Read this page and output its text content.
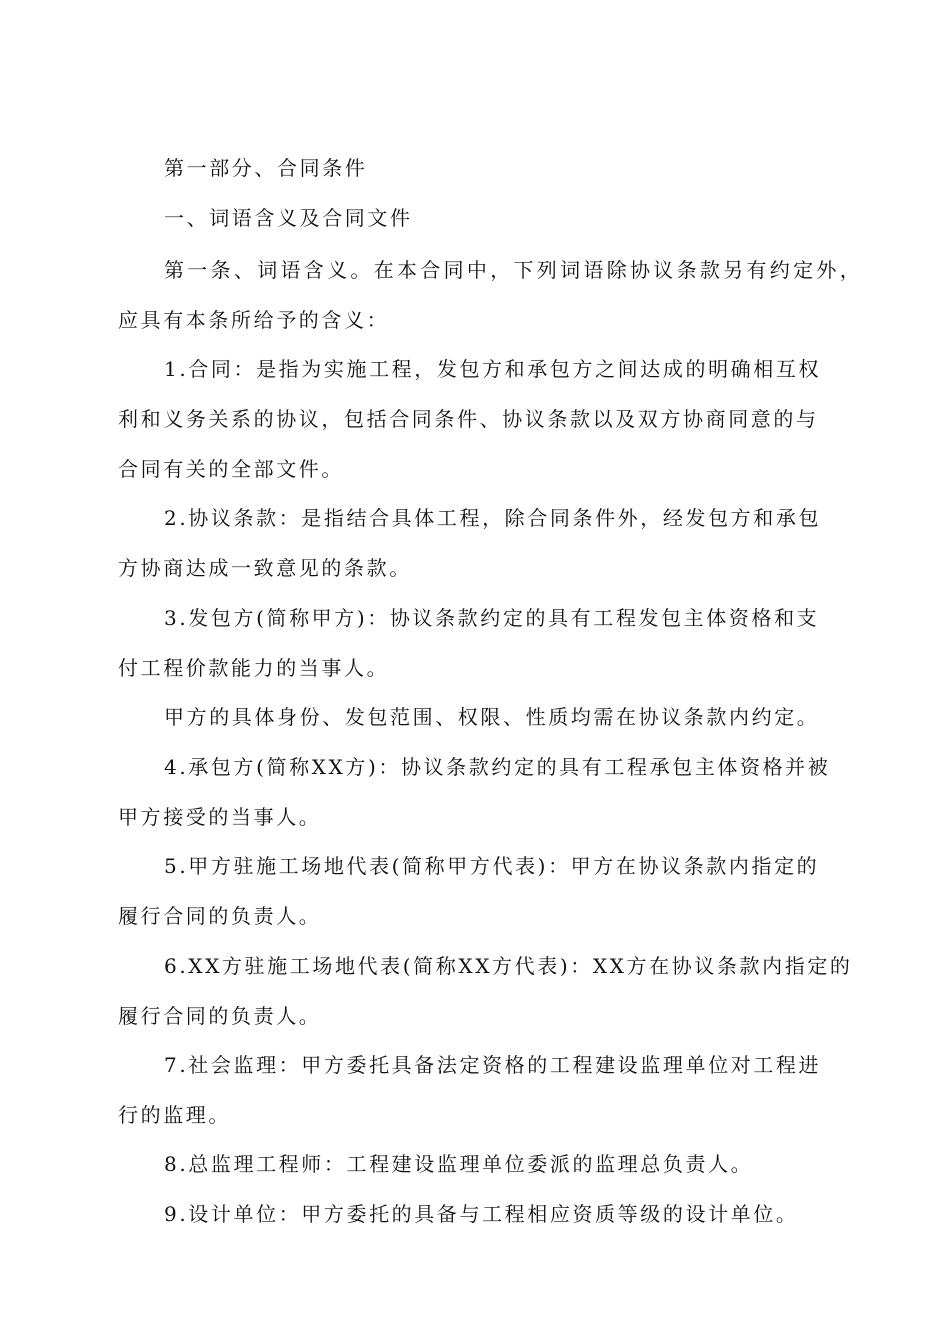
第一部分、合同条件
一、词语含义及合同文件
第一条、词语含义。在本合同中，下列词语除协议条款另有约定外，
应具有本条所给予的含义：
1.合同：是指为实施工程，发包方和承包方之间达成的明确相互权
利和义务关系的协议，包括合同条件、协议条款以及双方协商同意的与
合同有关的全部文件。
2.协议条款：是指结合具体工程，除合同条件外，经发包方和承包
方协商达成一致意见的条款。
3.发包方(简称甲方)：协议条款约定的具有工程发包主体资格和支
付工程价款能力的当事人。
甲方的具体身份、发包范围、权限、性质均需在协议条款内约定。
4.承包方(简称XX方)：协议条款约定的具有工程承包主体资格并被
甲方接受的当事人。
5.甲方驻施工场地代表(简称甲方代表)：甲方在协议条款内指定的
履行合同的负责人。
6.XX方驻施工场地代表(简称XX方代表)：XX方在协议条款内指定的
履行合同的负责人。
7.社会监理：甲方委托具备法定资格的工程建设监理单位对工程进
行的监理。
8.总监理工程师：工程建设监理单位委派的监理总负责人。
9.设计单位：甲方委托的具备与工程相应资质等级的设计单位。
